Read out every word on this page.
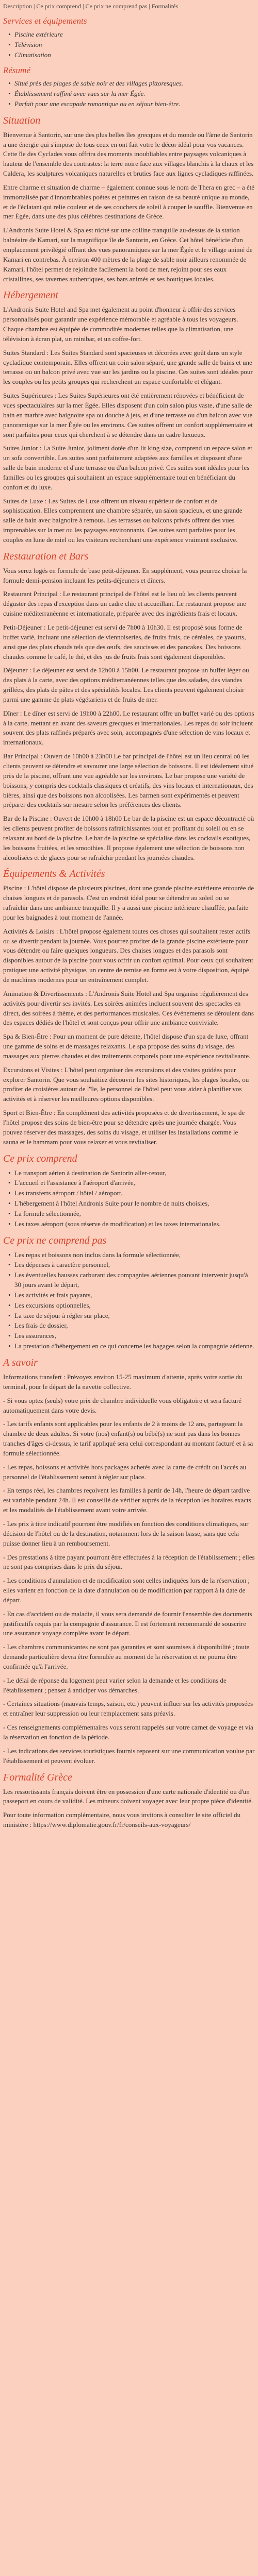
Description | Ce prix comprend | Ce prix ne comprend pas | Formalités
Services et équipements
• Piscine extérieure
• Télévision
• Climatisation
Résumé
• Situé près des plages de sable noir et des villages pittoresques.
• Établissement raffiné avec vues sur la mer Égée.
• Parfait pour une escapade romantique ou en séjour bien-être.
Situation

Bienvenue à Santorin, sur une des plus belles îles grecques et du monde ou l'âme de Santorin a une énergie qui s'impose de tous ceux en ont fait votre le décor idéal pour vos vacances. Cette île des Cyclades vous offrira des moments inoubliables entre paysages volcaniques à hauteur de l'ensemble des contrastes: la terre noire face aux villages blanchis à la chaux et les Caldera, les sculptures volcaniques naturelles et bruties face aux lignes cycladiques raffinées.

Entre charme et situation de charme – également connue sous le nom de Thera en grec – a été immortalisée par d'innombrables poètes et peintres en raison de sa beauté unique au monde, et de l'éclatant qui relie couleur et de ses couchers de soleil à couper le souffle. Bienvenue en mer Égée, dans une des plus célèbres destinations de Grèce.

L'Andronis Suite Hotel & Spa est niché sur une colline tranquille au-dessus de la station balnéaire de Kamari, sur la magnifique île de Santorin, en Grèce. Cet hôtel bénéficie d'un emplacement privilégié offrant des vues panoramiques sur la mer Égée et le village animé de Kamari en contrebas. À environ 400 mètres de la plage de sable noir ailleurs renommée de Kamari, l'hôtel permet de rejoindre facilement la bord de mer, rejoint pour ses eaux cristallines, ses tavernes authentiques, ses bars animés et ses boutiques locales.

Hébergement

L'Andronis Suite Hotel and Spa met également au point d'honneur à offrir des services personnalisés pour garantir une expérience mémorable et agréable à tous les voyageurs. Chaque chambre est équipée de commodités modernes telles que la climatisation, une télévision à écran plat, un minibar, et un coffre-fort.

Suites Standard : Les Suites Standard sont spacieuses et décorées avec goût dans un style cycladique contemporain. Elles offrent un coin salon séparé, une grande salle de bains et une terrasse ou un balcon privé avec vue sur les jardins ou la piscine. Ces suites sont idéales pour les couples ou les petits groupes qui recherchent un espace confortable et élégant.

Suites Supérieures : Les Suites Supérieures ont été entièrement rénovées et bénéficient de vues spectaculaires sur la mer Égée. Elles disposent d'un coin salon plus vaste, d'une salle de bain en marbre avec baignoire spa ou douche à jets, et d'une terrasse ou d'un balcon avec vue panoramique sur la mer Égée ou les environs. Ces suites offrent un confort supplémentaire et sont parfaites pour ceux qui cherchent à se détendre dans un cadre luxueux.

Suites Junior : La Suite Junior, joliment dotée d'un lit king size, comprend un espace salon et un sofa convertible. Les suites sont parfaitement adaptées aux familles et disposent d'une salle de bain moderne et d'une terrasse ou d'un balcon privé. Ces suites sont idéales pour les familles ou les groupes qui souhaitent un espace supplémentaire tout en bénéficiant du confort et du luxe.

Suites de Luxe : Les Suites de Luxe offrent un niveau supérieur de confort et de sophistication. Elles comprennent une chambre séparée, un salon spacieux, et une grande salle de bain avec baignoire à remous. Les terrasses ou balcons privés offrent des vues imprenables sur la mer ou les paysages environnants. Ces suites sont parfaites pour les couples en lune de miel ou les visiteurs recherchant une expérience vraiment exclusive.

Restauration et Bars

Vous serez logés en formule de base petit-déjeuner. En supplément, vous pourrez choisir la formule demi-pension incluant les petits-déjeuners et dîners.

Restaurant Principal : Le restaurant principal de l'hôtel est le lieu où les clients peuvent déguster des repas d'exception dans un cadre chic et accueillant. Le restaurant propose une cuisine méditerranéenne et internationale, préparée avec des ingrédients frais et locaux.

Petit-Déjeuner : Le petit-déjeuner est servi de 7h00 à 10h30. Il est proposé sous forme de buffet varié, incluant une sélection de viennoiseries, de fruits frais, de céréales, de yaourts, ainsi que des plats chauds tels que des œufs, des saucisses et des pancakes. Des boissons chaudes comme le café, le thé, et des jus de fruits frais sont également disponibles.

Déjeuner : Le déjeuner est servi de 12h00 à 15h00. Le restaurant propose un buffet léger ou des plats à la carte, avec des options méditerranéennes telles que des salades, des viandes grillées, des plats de pâtes et des spécialités locales. Les clients peuvent également choisir parmi une gamme de plats végétariens et de fruits de mer.

Dîner : Le dîner est servi de 19h00 à 22h00. Le restaurant offre un buffet varié ou des options à la carte, mettant en avant des saveurs grecques et internationales. Les repas du soir incluent souvent des plats raffinés préparés avec soin, accompagnés d'une sélection de vins locaux et internationaux.

Bar Principal : Ouvert de 10h00 à 23h00 Le bar principal de l'hôtel est un lieu central où les clients peuvent se détendre et savourer une large sélection de boissons. Il est idéalement situé près de la piscine, offrant une vue agréable sur les environs. Le bar propose une variété de boissons, y compris des cocktails classiques et créatifs, des vins locaux et internationaux, des bières, ainsi que des boissons non alcoolisées. Les barmen sont expérimentés et peuvent préparer des cocktails sur mesure selon les préférences des clients.

Bar de la Piscine : Ouvert de 10h00 à 18h00 Le bar de la piscine est un espace décontracté où les clients peuvent profiter de boissons rafraîchissantes tout en profitant du soleil ou en se relaxant au bord de la piscine. Le bar de la piscine se spécialise dans les cocktails exotiques, les boissons fruitées, et les smoothies. Il propose également une sélection de boissons non alcoolisées et de glaces pour se rafraîchir pendant les journées chaudes.

Équipements & Activités

Piscine : L'hôtel dispose de plusieurs piscines, dont une grande piscine extérieure entourée de chaises longues et de parasols. C'est un endroit idéal pour se détendre au soleil ou se rafraîchir dans une ambiance tranquille. Il y a aussi une piscine intérieure chauffée, parfaite pour les baignades à tout moment de l'année.

Activités & Loisirs : L'hôtel propose également toutes ces choses qui souhaitent rester actifs ou se divertir pendant la journée. Vous pourrez profiter de la grande piscine extérieure pour vous détendre ou faire quelques longueurs. Des chaises longues et des parasols sont disponibles autour de la piscine pour vous offrir un confort optimal. Pour ceux qui souhaitent pratiquer une activité physique, un centre de remise en forme est à votre disposition, équipé de machines modernes pour un entraînement complet.

Animation & Divertissements : L'Andronis Suite Hotel and Spa organise régulièrement des activités pour divertir ses invités. Les soirées animées incluent souvent des spectacles en direct, des soirées à thème, et des performances musicales. Ces événements se déroulent dans des espaces dédiés de l'hôtel et sont conçus pour offrir une ambiance conviviale.

Spa & Bien-Être : Pour un moment de pure détente, l'hôtel dispose d'un spa de luxe, offrant une gamme de soins et de massages relaxants. Le spa propose des soins du visage, des massages aux pierres chaudes et des traitements corporels pour une expérience revitalisante.

Excursions et Visites : L'hôtel peut organiser des excursions et des visites guidées pour explorer Santorin. Que vous souhaitiez découvrir les sites historiques, les plages locales, ou profiter de croisières autour de l'île, le personnel de l'hôtel peut vous aider à planifier vos activités et à réserver les meilleures options disponibles.

Sport et Bien-Être : En complément des activités proposées et de divertissement, le spa de l'hôtel propose des soins de bien-être pour se détendre après une journée chargée. Vous pouvez réserver des massages, des soins du visage, et utiliser les installations comme le sauna et le hammam pour vous relaxer et vous revitaliser.

Ce prix comprend
• Le transport aérien à destination de Santorin aller-retour,
• L'accueil et l'assistance à l'aéroport d'arrivée,
• Les transferts aéroport / hôtel / aéroport,
• L'hébergement à l'hôtel Andronis Suite pour le nombre de nuits choisies,
• La formule sélectionnée,
• Les taxes aéroport (sous réserve de modification) et les taxes internationales.
Ce prix ne comprend pas
• Les repas et boissons non inclus dans la formule sélectionnée,
• Les dépenses à caractère personnel,
• Les éventuelles hausses carburant des compagnies aériennes pouvant intervenir jusqu'à 30 jours avant le départ,
• Les activités et frais payants,
• Les excursions optionnelles,
• La taxe de séjour à régler sur place,
• Les frais de dossier,
• Les assurances,
• La prestation d'hébergement en ce qui concerne les bagages selon la compagnie aérienne.
A savoir

Informations transfert : Prévoyez environ 15-25 maximum d'attente, après votre sortie du terminal, pour le départ de la navette collective.

- Si vous optez (seuls) votre prix de chambre individuelle vous obligatoire et sera facturé automatiquement dans votre devis.

- Les tarifs enfants sont applicables pour les enfants de 2 à moins de 12 ans, partageant la chambre de deux adultes. Si votre (nos) enfant(s) ou bébé(s) ne sont pas dans les bonnes tranches d'âges ci-dessus, le tarif appliqué sera celui correspondant au montant facturé et à sa formule sélectionnée.

- Les repas, boissons et activités hors packages achetés avec la carte de crédit ou l'accès au personnel de l'établissement seront à régler sur place.

- En temps réel, les chambres reçoivent les familles à partir de 14h, l'heure de départ tardive est variable pendant 24h. Il est conseillé de vérifier auprès de la réception les horaires exacts et les modalités de l'établissement avant votre arrivée.

- Les prix à titre indicatif pourront être modifiés en fonction des conditions climatiques, sur décision de l'hôtel ou de la destination, notamment lors de la saison basse, sans que cela puisse donner lieu à un remboursement.

- Des prestations à titre payant pourront être effectuées à la réception de l'établissement ; elles ne sont pas comprises dans le prix du séjour.

- Les conditions d'annulation et de modification sont celles indiquées lors de la réservation ; elles varient en fonction de la date d'annulation ou de modification par rapport à la date de départ.

- En cas d'accident ou de maladie, il vous sera demandé de fournir l'ensemble des documents justificatifs requis par la compagnie d'assurance. Il est fortement recommandé de souscrire une assurance voyage complète avant le départ.

- Les chambres communicantes ne sont pas garanties et sont soumises à disponibilité ; toute demande particulière devra être formulée au moment de la réservation et ne pourra être confirmée qu'à l'arrivée.

- Le délai de réponse du logement peut varier selon la demande et les conditions de l'établissement ; pensez à anticiper vos démarches.

- Certaines situations (mauvais temps, saison, etc.) peuvent influer sur les activités proposées et entraîner leur suppression ou leur remplacement sans préavis.

- Ces renseignements complémentaires vous seront rappelés sur votre carnet de voyage et via la réservation en fonction de la période.

- Les indications des services touristiques fournis reposent sur une communication voulue par l'établissement et peuvent évoluer.

Formalité Grèce

Les ressortissants français doivent être en possession d'une carte nationale d'identité ou d'un passeport en cours de validité. Les mineurs doivent voyager avec leur propre pièce d'identité.

Pour toute information complémentaire, nous vous invitons à consulter le site officiel du ministère : https://www.diplomatie.gouv.fr/fr/conseils-aux-voyageurs/
